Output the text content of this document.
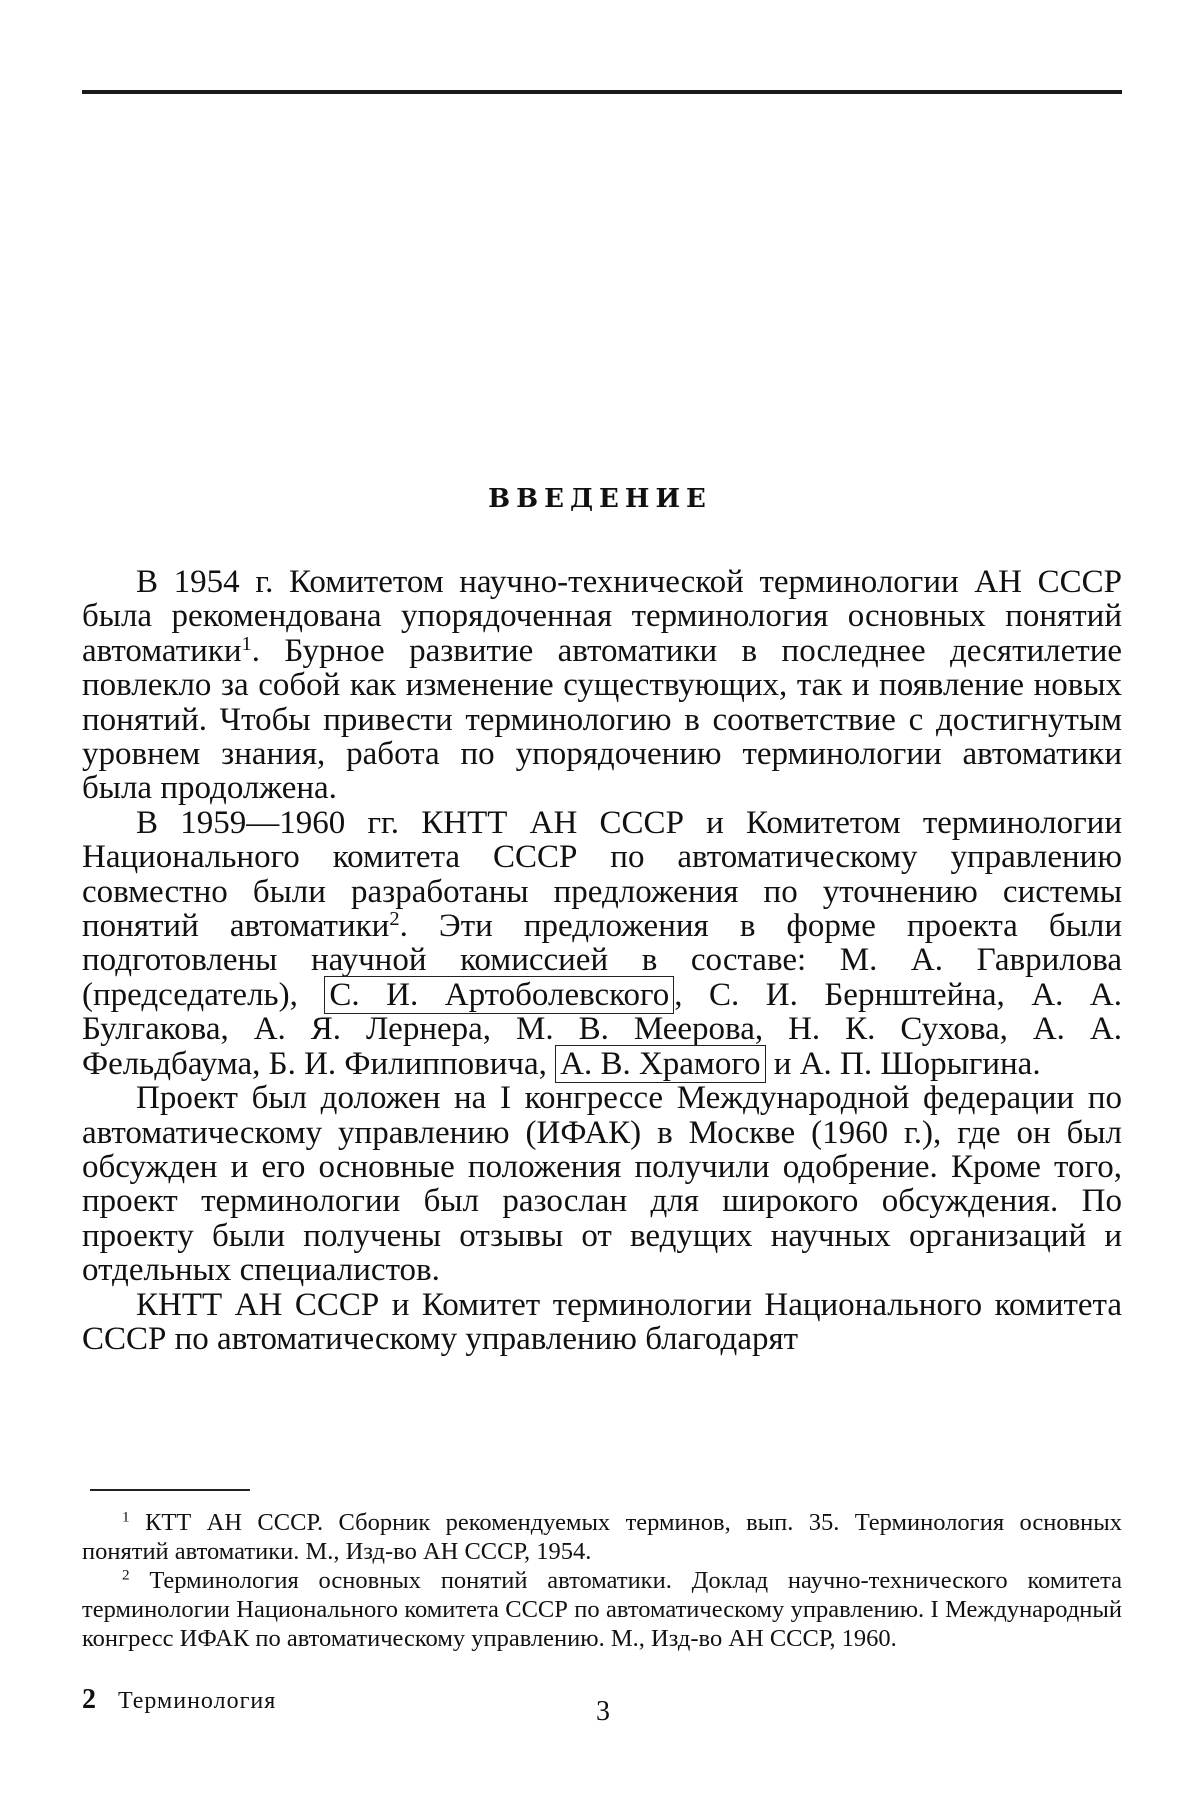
ВВЕДЕНИЕ

В 1954 г. Комитетом научно-технической терминологии АН СССР была рекомендована упорядоченная терминология основных понятий автоматики$^1$. Бурное развитие автоматики в последнее десятилетие повлекло за собой как изменение существующих, так и появление новых понятий. Чтобы привести терминологию в соответствие с достигнутым уровнем знания, работа по упорядочению терминологии автоматики была продолжена.

В 1959—1960 гг. КНТТ АН СССР и Комитетом терминологии Национального комитета СССР по автоматическому управлению совместно были разработаны предложения по уточнению системы понятий автоматики$^2$. Эти предложения в форме проекта были подготовлены научной комиссией в составе: М. А. Гаврилова (председатель), С. И. Артоболевского , С. И. Бернштейна, А. А. Булгакова, А. Я. Лернера, М. В. Меерова, Н. К. Сухова, А. А. Фельдбаума, Б. И. Филипповича, А. В. Храмого и А. П. Шорыгина.

Проект был доложен на I конгрессе Международной федерации по автоматическому управлению (ИФАК) в Москве (1960 г.), где он был обсужден и его основные положения получили одобрение. Кроме того, проект терминологии был разослан для широкого обсуждения. По проекту были получены отзывы от ведущих научных организаций и отдельных специалистов.

КНТТ АН СССР и Комитет терминологии Национального комитета СССР по автоматическому управлению благодарят

$^1$ КТТ АН СССР. Сборник рекомендуемых терминов, вып. 35. Терминология основных понятий автоматики. М., Изд-во АН СССР, 1954.

$^2$ Терминология основных понятий автоматики. Доклад научно-технического комитета терминологии Национального комитета СССР по автоматическому управлению. I Международный конгресс ИФАК по автоматическому управлению. М., Изд-во АН СССР, 1960.

2 Терминология	3
